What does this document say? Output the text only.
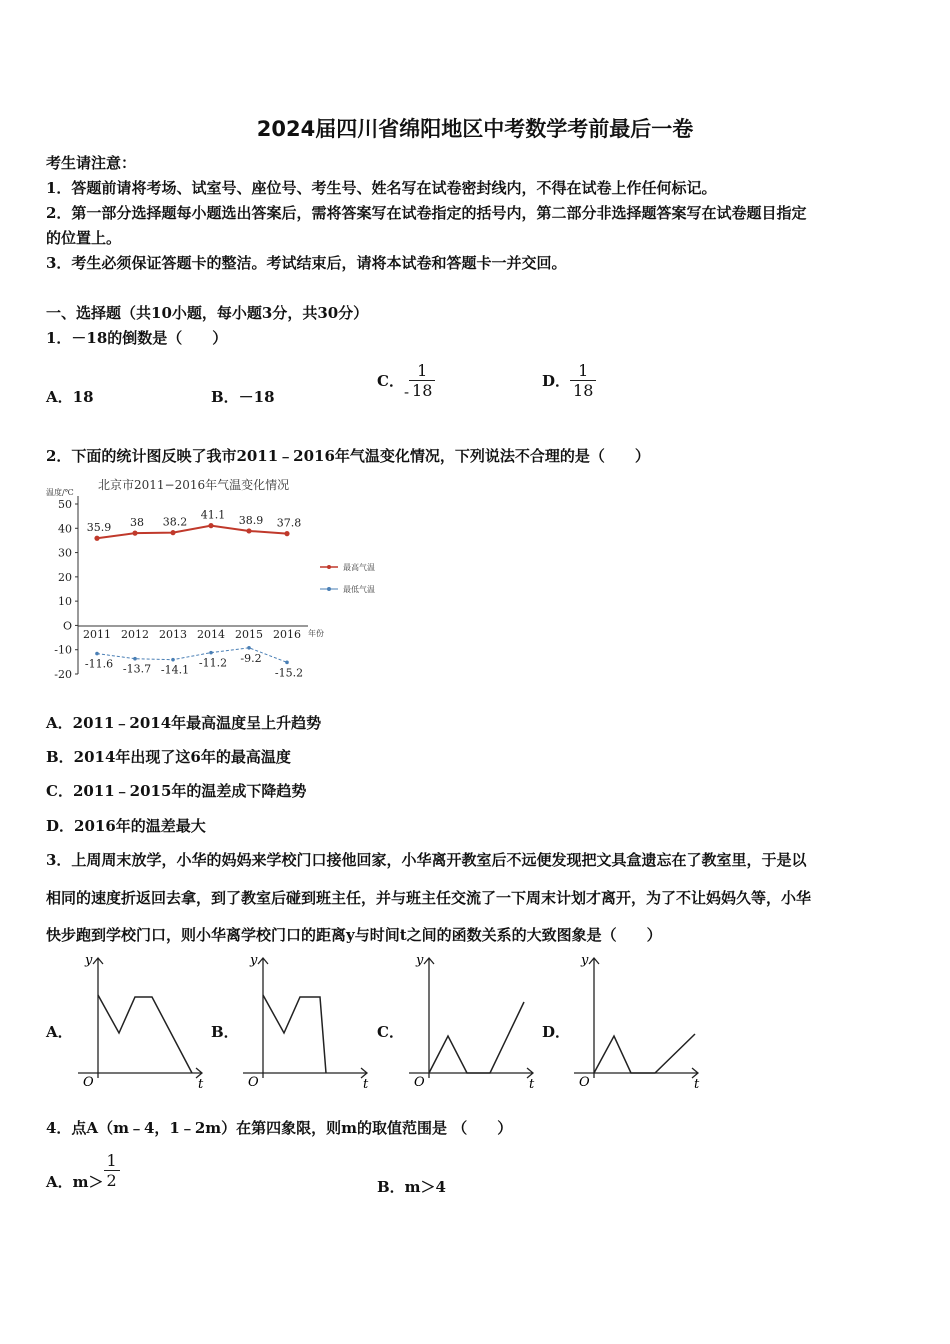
2024届四川省绵阳地区中考数学考前最后一卷
考生请注意：
1．答题前请将考场、试室号、座位号、考生号、姓名写在试卷密封线内，不得在试卷上作任何标记。
2．第一部分选择题每小题选出答案后，需将答案写在试卷指定的括号内，第二部分非选择题答案写在试卷题目指定
的位置上。
3．考生必须保证答题卡的整洁。考试结束后，请将本试卷和答题卡一并交回。
一、选择题（共10小题，每小题3分，共30分）
1．－18的倒数是（　　）
A．18	B．－18
C．- $\frac{1}{18}$	D． $\frac{1}{18}$
2．下面的统计图反映了我市2011﹣2016年气温变化情况，下列说法不合理的是（　　）
北京市2011−2016年气温变化情况
温度/℃
年份
50
40
30
20
10
O
-10
-20
2011 2012 2013 2014 2015 2016
35.9 38 38.2
41.1 38.9 37.8
-11.6 -13.7 -14.1
-11.2 -9.2
-15.2
最高气温
最低气温
A．2011﹣2014年最高温度呈上升趋势
B．2014年出现了这6年的最高温度
C．2011﹣2015年的温差成下降趋势
D．2016年的温差最大
3．上周周末放学，小华的妈妈来学校门口接他回家，小华离开教室后不远便发现把文具盒遗忘在了教室里，于是以
相同的速度折返回去拿，到了教室后碰到班主任，并与班主任交流了一下周末计划才离开，为了不让妈妈久等，小华
快步跑到学校门口，则小华离学校门口的距离y与时间t之间的函数关系的大致图象是（　　）
A．	B．	C．	D．
y
O	t
y
O	t
y
O	t
y
O	t
4．点A（m﹣4，1﹣2m）在第四象限，则m的取值范围是 （　　）
A．$m> \frac{1}{2}$	B．m＞4
